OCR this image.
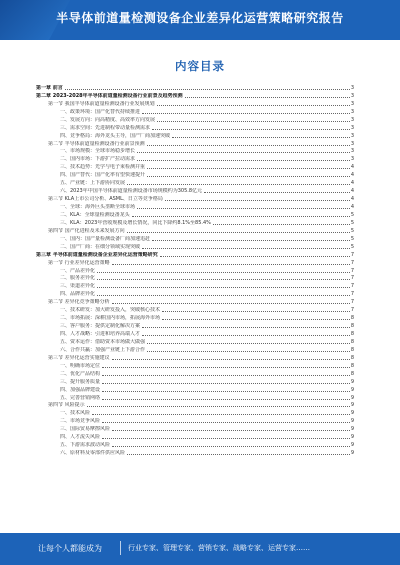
半导体前道量检测设备企业差异化运营策略研究报告
内容目录
第一章 前言	3
第二章 2023-2028年半导体前道量检测设备行业前景及趋势预测	3
第一节 我国半导体前道量检测设备行业发展规划	3
一、政策环境：国产化替代持续推进	3
二、发展方向：向高精度、高效率方向发展	3
三、需求空间：先进制程带动量检测需求	3
四、竞争格局：海外龙头主导，国产厂商加速突破	3
第二节 半导体前道量检测设备行业前景预测	3
一、市场规模：全球市场稳步增长	3
二、国内市场：下游扩产拉动需求	3
三、技术趋势：光学与电子束检测并重	4
四、国产替代：国产化率有望快速提升	4
五、产业链：上下游协同发展	4
六、2023年中国半导体前道量检测设备市场规模约为305.8亿元	4
第三节 KLA上市公司分析、ASML、日立等竞争格局	4
一、全球：海外巨头垄断全球市场	4
二、KLA：全球量检测设备龙头	5
三、KLA：2023年营收规模及增长情况，同比下降约8.1%至85.4%	5
第四节 国产化进程及未来发展方向	5
一、国内：国产量检测设备厂商加速追赶	5
二、国产厂商：在细分领域实现突破	5
第三章 半导体前道量检测设备企业差异化运营策略研究	7
第一节 行业差异化运营策略	7
一、产品差异化	7
二、服务差异化	7
三、渠道差异化	7
四、品牌差异化	7
第二节 差异化竞争策略分析	7
一、技术研发：加大研发投入，突破核心技术	7
二、市场拓展：深耕国内市场，拓展海外市场	8
三、客户服务：提供定制化解决方案	8
四、人才战略：引进和培养高端人才	8
五、资本运作：借助资本市场做大做强	8
六、合作共赢：加强产业链上下游合作	8
第三节 差异化运营实施建议	8
一、明确市场定位	8
二、优化产品结构	8
三、提升服务质量	9
四、加强品牌建设	9
五、完善营销网络	9
第四节 风险提示	9
一、技术风险	9
二、市场竞争风险	9
三、国际贸易摩擦风险	9
四、人才流失风险	9
五、下游需求波动风险	9
六、原材料及零部件供应风险	9
让每个人都能成为	行业专家、管理专家、营销专家、战略专家、运营专家……
